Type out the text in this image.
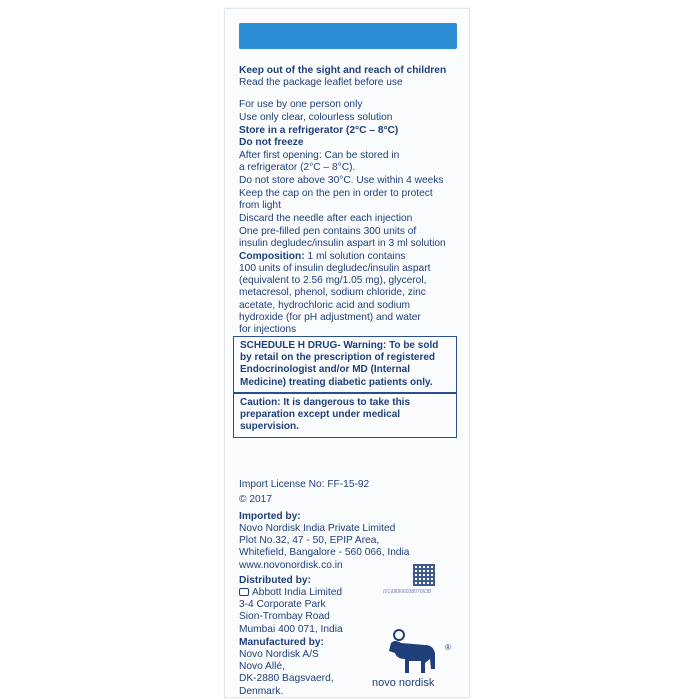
Keep out of the sight and reach of children
Read the package leaflet before use
For use by one person only
Use only clear, colourless solution
Store in a refrigerator (2°C – 8°C)
Do not freeze
After first opening: Can be stored in
a refrigerator (2°C – 8°C).
Do not store above 30°C. Use within 4 weeks
Keep the cap on the pen in order to protect
from light
Discard the needle after each injection
One pre-filled pen contains 300 units of
insulin degludec/insulin aspart in 3 ml solution
Composition: 1 ml solution contains
100 units of insulin degludec/insulin aspart
(equivalent to 2.56 mg/1.05 mg), glycerol,
metacresol, phenol, sodium chloride, zinc
acetate, hydrochloric acid and sodium
hydroxide (for pH adjustment) and water
for injections
SCHEDULE H DRUG- Warning: To be sold by retail on the prescription of registered Endocrinologist and/or MD (Internal Medicine) treating diabetic patients only.
Caution: It is dangerous to take this preparation except under medical supervision.
Import License No: FF-15-92
© 2017
Imported by:
Novo Nordisk India Private Limited
Plot No.32, 47 - 50, EPIP Area,
Whitefield, Bangalore - 560 066, India
www.novonordisk.co.in
Distributed by:
Abbott India Limited
3-4 Corporate Park
Sion-Trombay Road
Mumbai 400 071, India
Manufactured by:
Novo Nordisk A/S
Novo Allé,
DK-2880 Bagsvaerd,
Denmark.
(01)0890603807063B
novo nordisk
®
